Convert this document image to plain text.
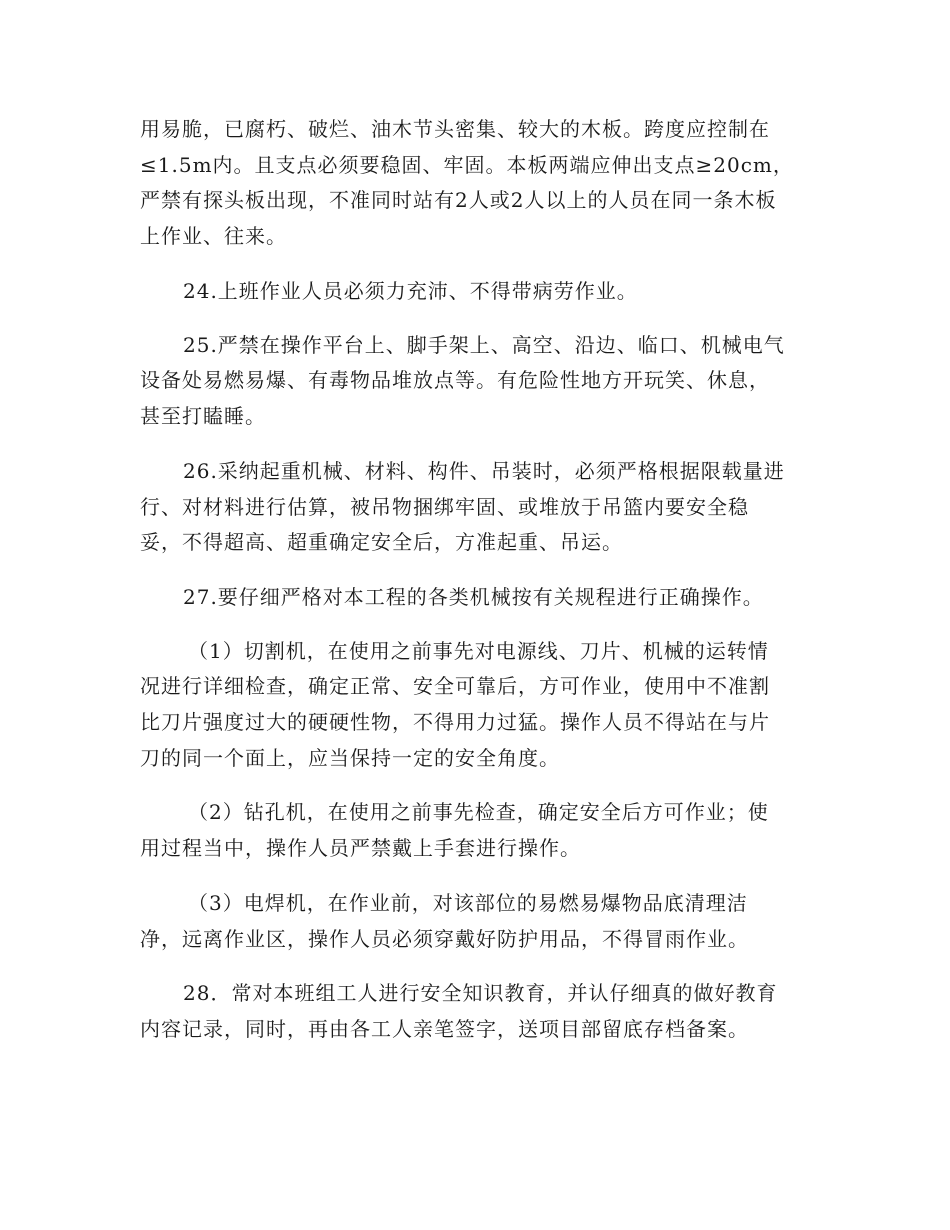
用易脆，已腐朽、破烂、油木节头密集、较大的木板。跨度应控制在
≤1.5m内。且支点必须要稳固、牢固。本板两端应伸出支点≥20cm，
严禁有探头板出现，不准同时站有2人或2人以上的人员在同一条木板
上作业、往来。
24.上班作业人员必须力充沛、不得带病劳作业。
25.严禁在操作平台上、脚手架上、高空、沿边、临口、机械电气
设备处易燃易爆、有毒物品堆放点等。有危险性地方开玩笑、休息，
甚至打瞌睡。
26.采纳起重机械、材料、构件、吊装时，必须严格根据限载量进
行、对材料进行估算，被吊物捆绑牢固、或堆放于吊篮内要安全稳
妥，不得超高、超重确定安全后，方准起重、吊运。
27.要仔细严格对本工程的各类机械按有关规程进行正确操作。
（1）切割机，在使用之前事先对电源线、刀片、机械的运转情
况进行详细检查，确定正常、安全可靠后，方可作业，使用中不准割
比刀片强度过大的硬硬性物，不得用力过猛。操作人员不得站在与片
刀的同一个面上，应当保持一定的安全角度。
（2）钻孔机，在使用之前事先检查，确定安全后方可作业；使
用过程当中，操作人员严禁戴上手套进行操作。
（3）电焊机，在作业前，对该部位的易燃易爆物品底清理洁
净，远离作业区，操作人员必须穿戴好防护用品，不得冒雨作业。
28．常对本班组工人进行安全知识教育，并认仔细真的做好教育
内容记录，同时，再由各工人亲笔签字，送项目部留底存档备案。
